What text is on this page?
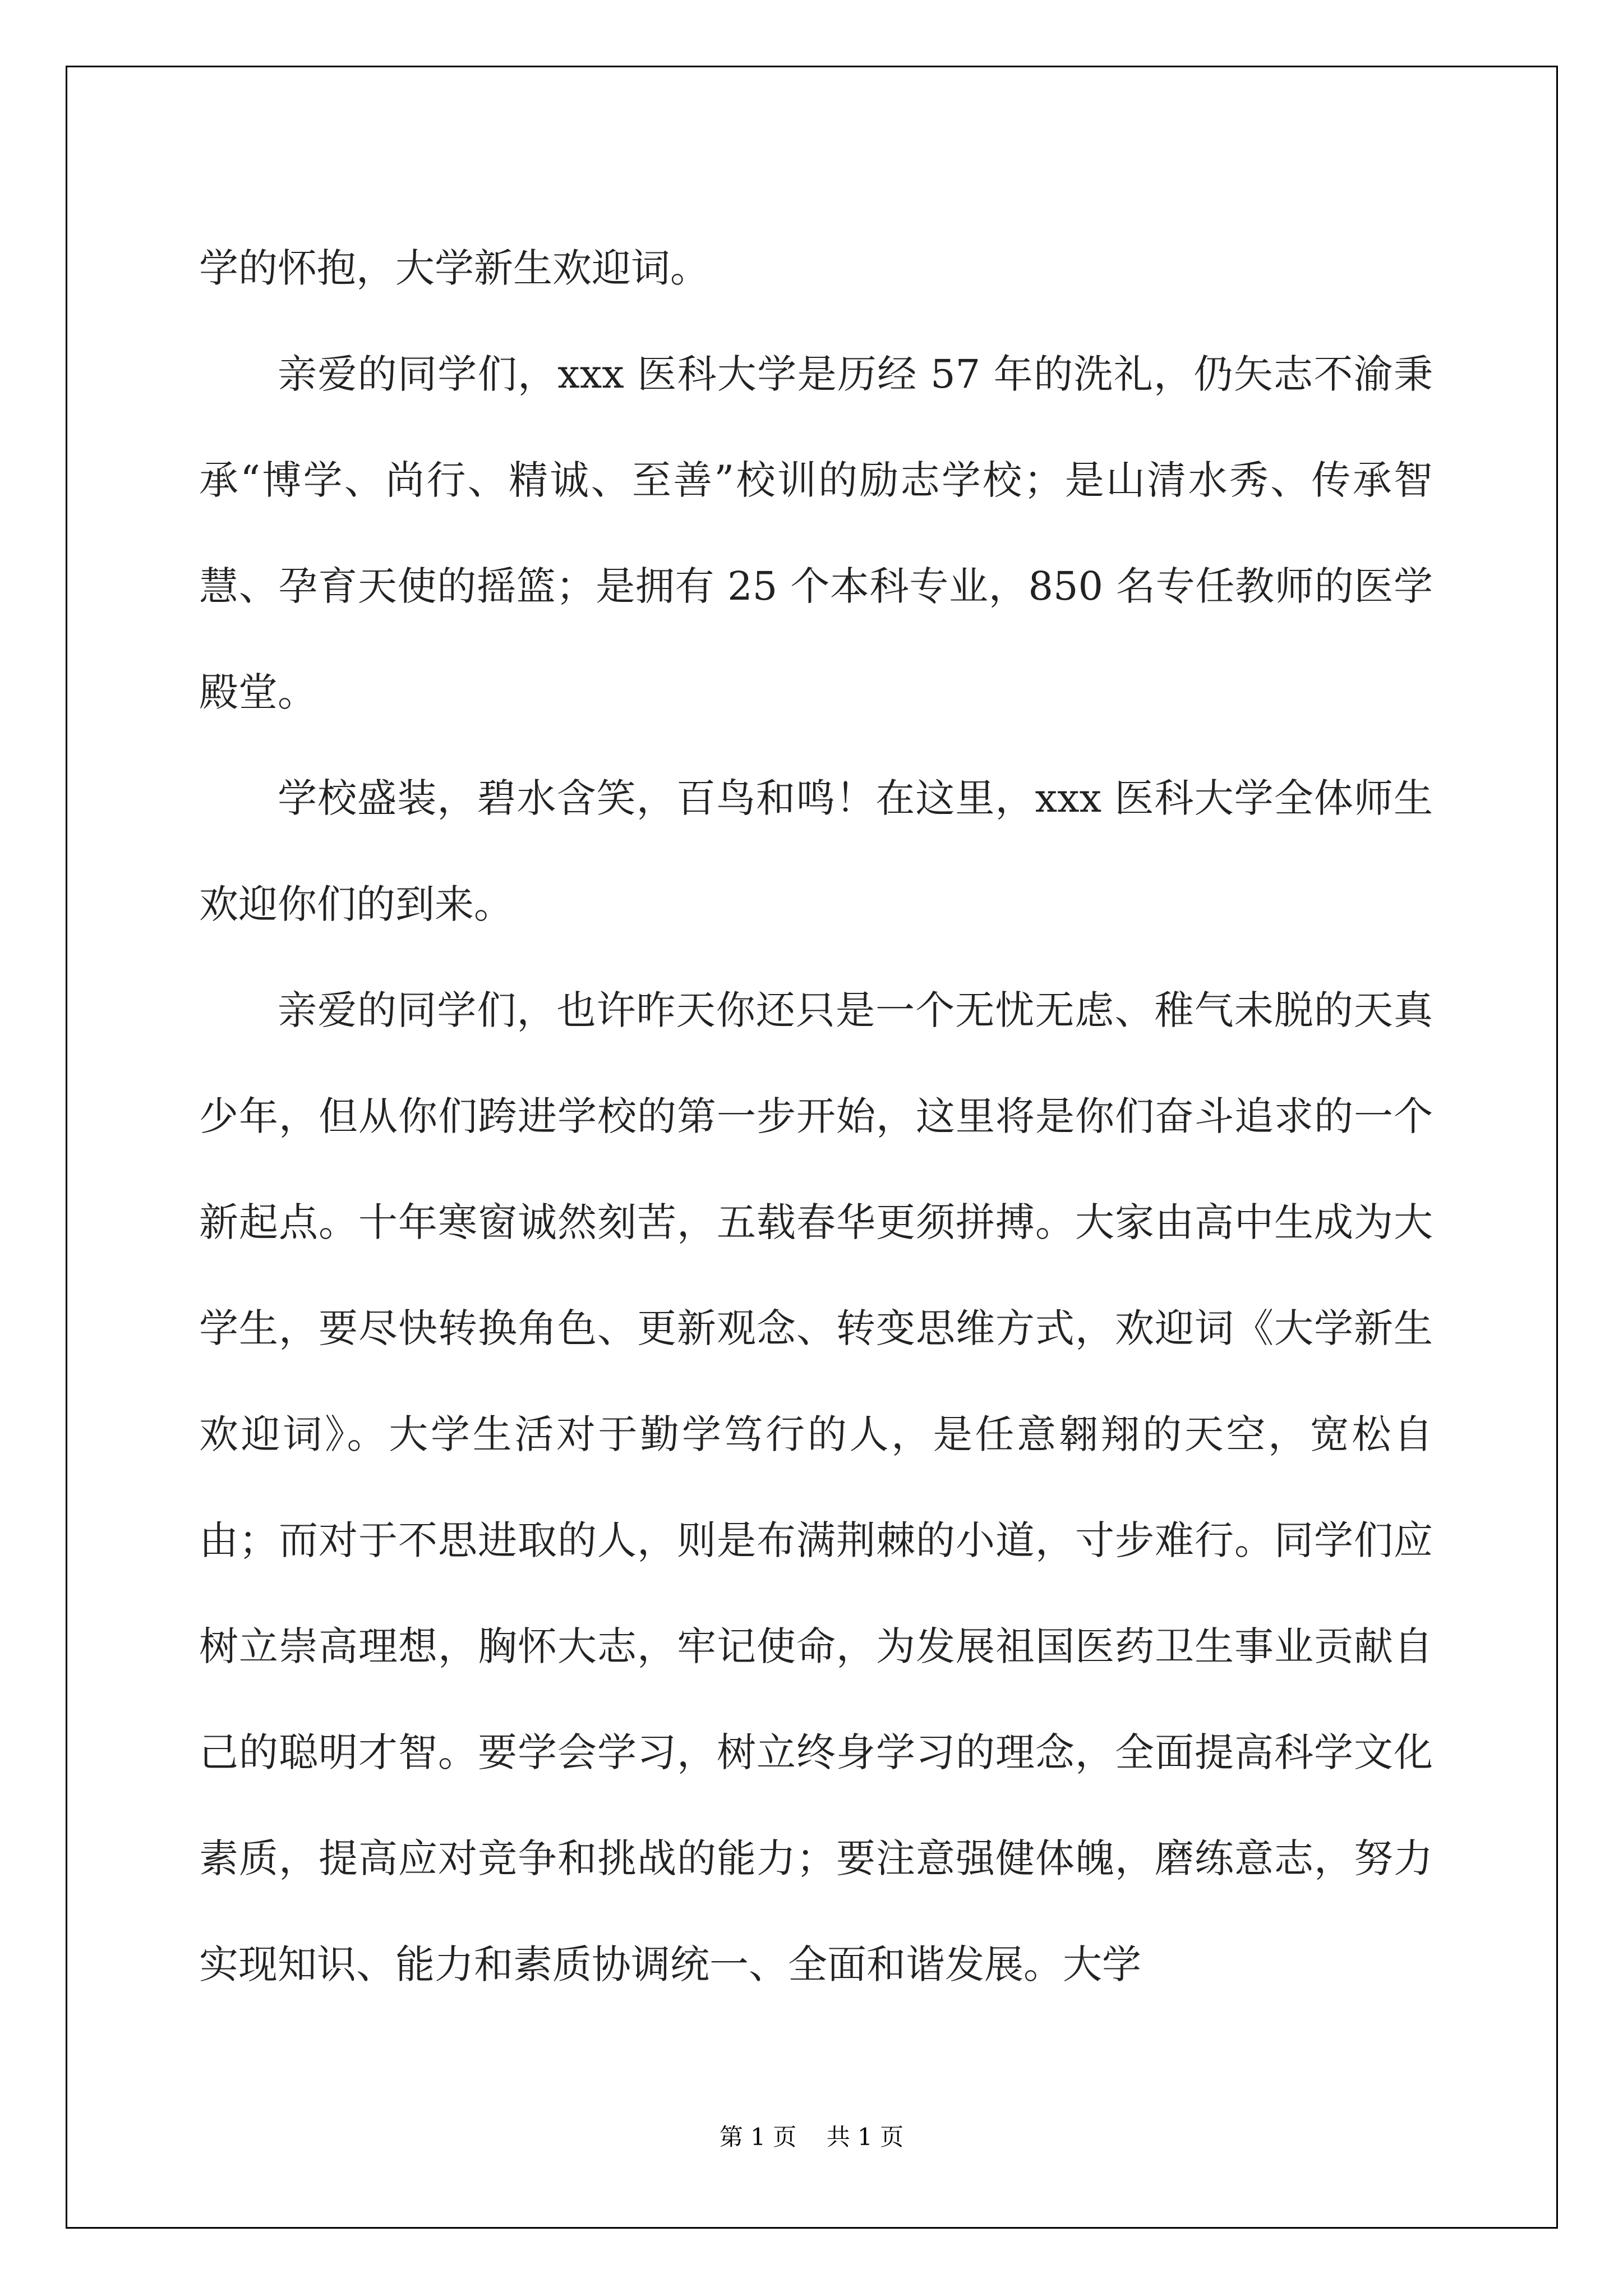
学的怀抱，大学新生欢迎词。

亲爱的同学们，xxx 医科大学是历经 57 年的洗礼，仍矢志不渝秉承“博学、尚行、精诚、至善”校训的励志学校；是山清水秀、传承智慧、孕育天使的摇篮；是拥有 25 个本科专业，850 名专任教师的医学殿堂。

学校盛装，碧水含笑，百鸟和鸣！在这里，xxx 医科大学全体师生欢迎你们的到来。

亲爱的同学们，也许昨天你还只是一个无忧无虑、稚气未脱的天真少年，但从你们跨进学校的第一步开始，这里将是你们奋斗追求的一个新起点。十年寒窗诚然刻苦，五载春华更须拼搏。大家由高中生成为大学生，要尽快转换角色、更新观念、转变思维方式，欢迎词《大学新生欢迎词》。大学生活对于勤学笃行的人，是任意翱翔的天空，宽松自由；而对于不思进取的人，则是布满荆棘的小道，寸步难行。同学们应树立崇高理想，胸怀大志，牢记使命，为发展祖国医药卫生事业贡献自己的聪明才智。要学会学习，树立终身学习的理念，全面提高科学文化素质，提高应对竞争和挑战的能力；要注意强健体魄，磨练意志，努力实现知识、能力和素质协调统一、全面和谐发展。大学

第 1 页    共 1 页
